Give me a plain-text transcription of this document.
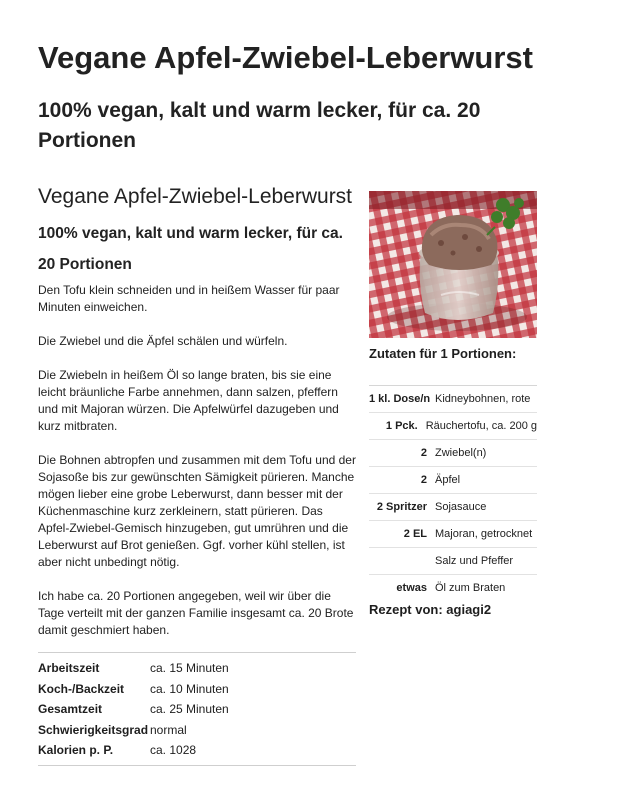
Vegane Apfel-Zwiebel-Leberwurst
100% vegan, kalt und warm lecker, für ca. 20 Portionen
Vegane Apfel-Zwiebel-Leberwurst
100% vegan, kalt und warm lecker, für ca. 20 Portionen

Den Tofu klein schneiden und in heißem Wasser für paar Minuten einweichen.

Die Zwiebel und die Äpfel schälen und würfeln.

Die Zwiebeln in heißem Öl so lange braten, bis sie eine leicht bräunliche Farbe annehmen, dann salzen, pfeffern und mit Majoran würzen. Die Apfelwürfel dazugeben und kurz mitbraten.

Die Bohnen abtropfen und zusammen mit dem Tofu und der Sojasoße bis zur gewünschten Sämigkeit pürieren. Manche mögen lieber eine grobe Leberwurst, dann besser mit der Küchenmaschine kurz zerkleinern, statt pürieren. Das Apfel-Zwiebel-Gemisch hinzugeben, gut umrühren und die Leberwurst auf Brot genießen. Ggf. vorher kühl stellen, ist aber nicht unbedingt nötig.

Ich habe ca. 20 Portionen angegeben, weil wir über die Tage verteilt mit der ganzen Familie insgesamt ca. 20 Brote damit geschmiert haben.

Arbeitszeit	ca. 15 Minuten
Koch-/Backzeit	ca. 10 Minuten
Gesamtzeit	ca. 25 Minuten
Schwierigkeitsgrad normal
Kalorien p. P.	ca. 1028
Zutaten für 1 Portionen:
1 kl. Dose/n Kidneybohnen, rote
1 Pck. Räuchertofu, ca. 200 g
2 Zwiebel(n)
2 Äpfel
2 Spritzer Sojasauce
2 EL Majoran, getrocknet
Salz und Pfeffer
etwas Öl zum Braten

Rezept von: agiagi2
